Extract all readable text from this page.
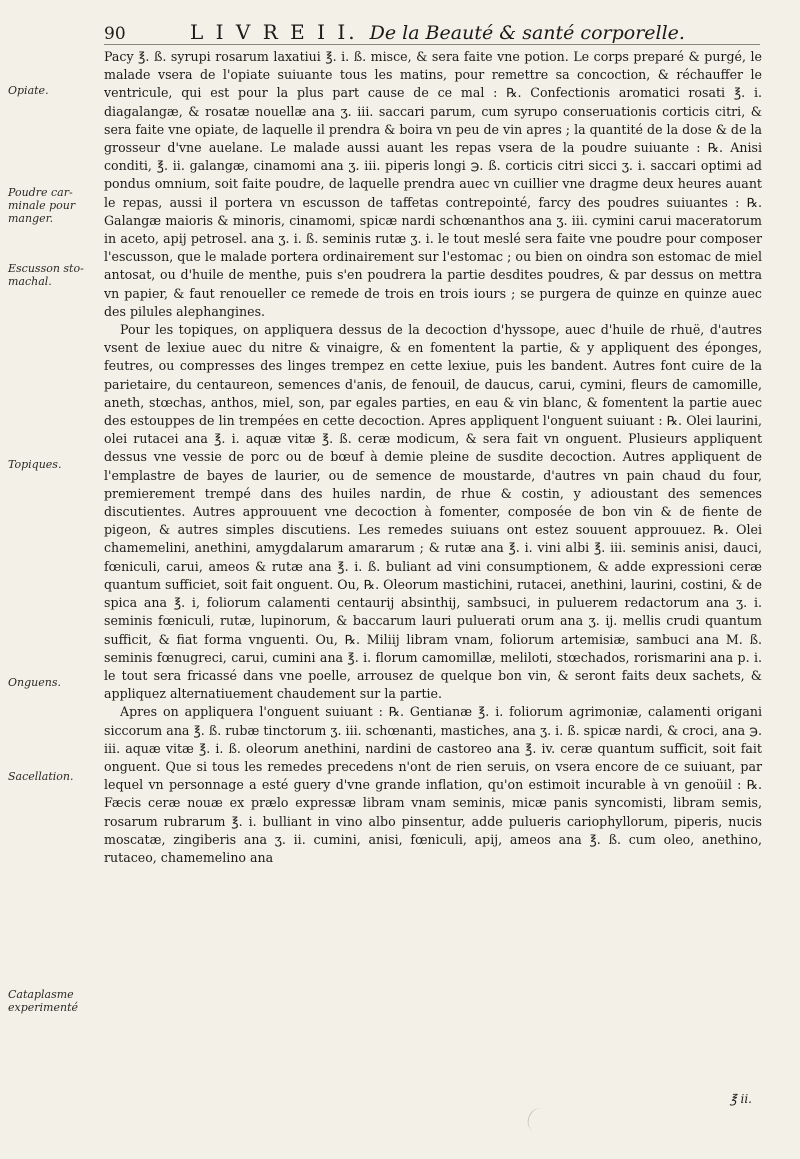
90	L I V R E I I. De la Beauté & santé corporelle.
Opiate.
Poudre car-minale pour manger.
Escusson sto-machal.
Topiques.
Onguens.
Sacellation.
Cataplasme experimenté

Pacy ℥. ß. syrupi rosarum laxatiui ℥. i. ß. misce, & sera faite vne potion. Le corps preparé & purgé, le malade vsera de l'opiate suiuante tous les matins, pour remettre sa concoction, & réchauffer le ventricule, qui est pour la plus part cause de ce mal : ℞. Confectionis aromatici rosati ℥. i. diagalangæ, & rosatæ nouellæ ana ʒ. iii. saccari parum, cum syrupo conseruationis corticis citri, & sera faite vne opiate, de laquelle il prendra & boira vn peu de vin apres ; la quantité de la dose & de la grosseur d'vne auelane. Le malade aussi auant les repas vsera de la poudre suiuante : ℞. Anisi conditi, ℥. ii. galangæ, cinamomi ana ʒ. iii. piperis longi ℈. ß. corticis citri sicci ʒ. i. saccari optimi ad pondus omnium, soit faite poudre, de laquelle prendra auec vn cuillier vne dragme deux heures auant le repas, aussi il portera vn escusson de taffetas contrepointé, farcy des poudres suiuantes : ℞. Galangæ maioris & minoris, cinamomi, spicæ nardi schœnanthos ana ʒ. iii. cymini carui maceratorum in aceto, apij petrosel. ana ʒ. i. ß. seminis rutæ ʒ. i. le tout meslé sera faite vne poudre pour composer l'escusson, que le malade portera ordinairement sur l'estomac ; ou bien on oindra son estomac de miel antosat, ou d'huile de menthe, puis s'en poudrera la partie desdites poudres, & par dessus on mettra vn papier, & faut renoueller ce remede de trois en trois iours ; se purgera de quinze en quinze auec des pilules alephangines.

Pour les topiques, on appliquera dessus de la decoction d'hyssope, auec d'huile de rhuë, d'autres vsent de lexiue auec du nitre & vinaigre, & en fomentent la partie, & y appliquent des éponges, feutres, ou compresses des linges trempez en cette lexiue, puis les bandent. Autres font cuire de la parietaire, du centaureon, semences d'anis, de fenouil, de daucus, carui, cymini, fleurs de camomille, aneth, stœchas, anthos, miel, son, par egales parties, en eau & vin blanc, & fomentent la partie auec des estouppes de lin trempées en cette decoction. Apres appliquent l'onguent suiuant : ℞. Olei laurini, olei rutacei ana ℥. i. aquæ vitæ ℥. ß. ceræ modicum, & sera fait vn onguent. Plusieurs appliquent dessus vne vessie de porc ou de bœuf à demie pleine de susdite decoction. Autres appliquent de l'emplastre de bayes de laurier, ou de semence de moustarde, d'autres vn pain chaud du four, premierement trempé dans des huiles nardin, de rhue & costin, y adioustant des semences discutientes. Autres approuuent vne decoction à fomenter, composée de bon vin & de fiente de pigeon, & autres simples discutiens. Les remedes suiuans ont estez souuent approuuez. ℞. Olei chamemelini, anethini, amygdalarum amararum ; & rutæ ana ℥. i. vini albi ℥. iii. seminis anisi, dauci, fœniculi, carui, ameos & rutæ ana ℥. i. ß. buliant ad vini consumptionem, & adde expressioni ceræ quantum sufficiet, soit fait onguent. Ou, ℞. Oleorum mastichini, rutacei, anethini, laurini, costini, & de spica ana ℥. i, foliorum calamenti centaurij absinthij, sambsuci, in puluerem redactorum ana ʒ. i. seminis fœniculi, rutæ, lupinorum, & baccarum lauri puluerati orum ana ʒ. ij. mellis crudi quantum sufficit, & fiat forma vnguenti. Ou, ℞. Miliij libram vnam, foliorum artemisiæ, sambuci ana M. ß. seminis fœnugreci, carui, cumini ana ℥. i. florum camomillæ, meliloti, stœchados, rorismarini ana p. i. le tout sera fricassé dans vne poelle, arrousez de quelque bon vin, & seront faits deux sachets, & appliquez alternatiuement chaudement sur la partie.

Apres on appliquera l'onguent suiuant : ℞. Gentianæ ℥. i. foliorum agrimoniæ, calamenti origani siccorum ana ℥. ß. rubæ tinctorum ʒ. iii. schœnanti, mastiches, ana ʒ. i. ß. spicæ nardi, & croci, ana ℈. iii. aquæ vitæ ℥. i. ß. oleorum anethini, nardini de castoreo ana ℥. iv. ceræ quantum sufficit, soit fait onguent. Que si tous les remedes precedens n'ont de rien seruis, on vsera encore de ce suiuant, par lequel vn personnage a esté guery d'vne grande inflation, qu'on estimoit incurable à vn genoüil : ℞. Fæcis ceræ nouæ ex prælo expressæ libram vnam seminis, micæ panis syncomisti, libram semis, rosarum rubrarum ℥. i. bulliant in vino albo pinsentur, adde pulueris cariophyllorum, piperis, nucis moscatæ, zingiberis ana ʒ. ii. cumini, anisi, fœniculi, apij, ameos ana ℥. ß. cum oleo, anethino, rutaceo, chamemelino ana

℥ ii.
